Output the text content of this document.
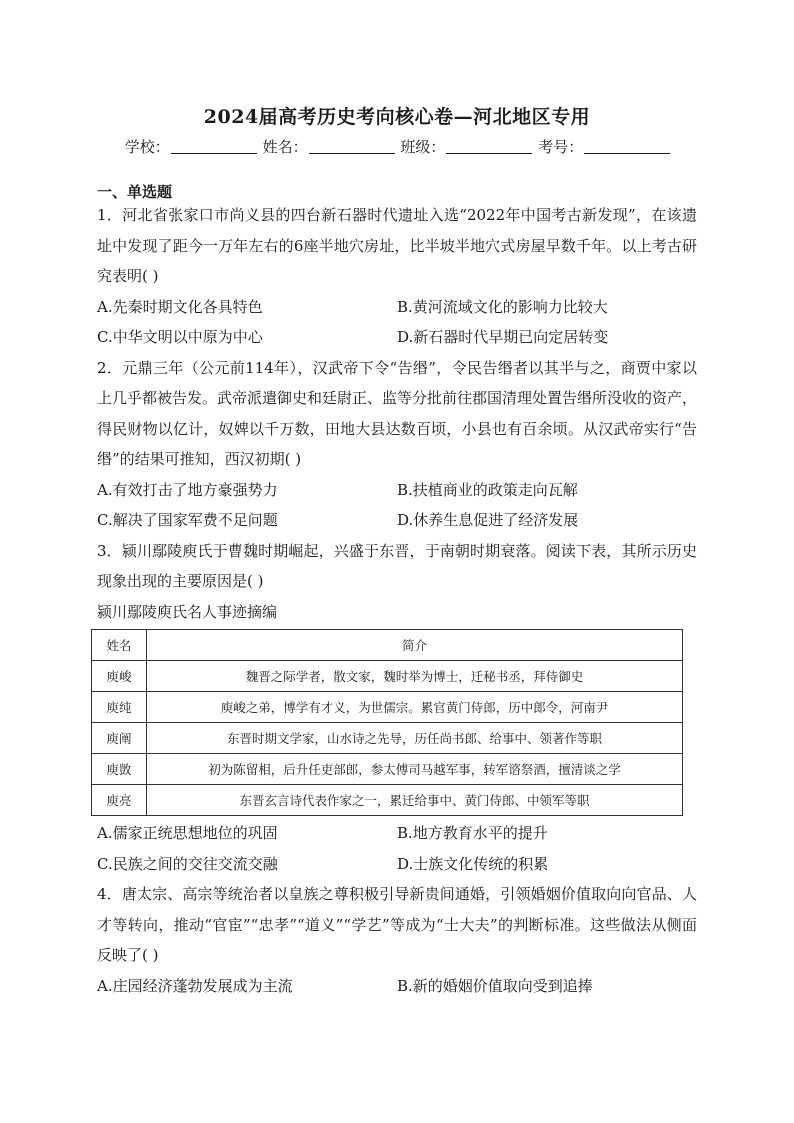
2024届高考历史考向核心卷—河北地区专用
学校：	姓名：	班级：	考号：
一、单选题

1．河北省张家口市尚义县的四台新石器时代遗址入选“2022年中国考古新发现”，在该遗址中发现了距今一万年左右的6座半地穴房址，比半坡半地穴式房屋早数千年。以上考古研究表明( )

A.先秦时期文化各具特色	B.黄河流域文化的影响力比较大
C.中华文明以中原为中心	D.新石器时代早期已向定居转变

2．元鼎三年（公元前114年），汉武帝下令“告缗”，令民告缗者以其半与之，商贾中家以上几乎都被告发。武帝派遣御史和廷尉正、监等分批前往郡国清理处置告缗所没收的资产，得民财物以亿计，奴婢以千万数，田地大县达数百顷，小县也有百余顷。从汉武帝实行“告缗”的结果可推知，西汉初期( )

A.有效打击了地方豪强势力	B.扶植商业的政策走向瓦解
C.解决了国家军费不足问题	D.休养生息促进了经济发展

3．颍川鄢陵庾氏于曹魏时期崛起，兴盛于东晋，于南朝时期衰落。阅读下表，其所示历史现象出现的主要原因是( )

颍川鄢陵庾氏名人事迹摘编

姓名	简介
庾峻	魏晋之际学者，散文家，魏时举为博士，迁秘书丞，拜侍御史
庾纯	庾峻之弟，博学有才义，为世儒宗。累官黄门侍郎，历中郎令，河南尹
庾阐	东晋时期文学家，山水诗之先导，历任尚书郎、给事中、领著作等职
庾敳	初为陈留相，后升任吏部郎，参太傅司马越军事，转军谘祭酒，擅清谈之学
庾亮	东晋玄言诗代表作家之一，累迁给事中、黄门侍郎、中领军等职
A.儒家正统思想地位的巩固	B.地方教育水平的提升
C.民族之间的交往交流交融	D.士族文化传统的积累

4．唐太宗、高宗等统治者以皇族之尊积极引导新贵间通婚，引领婚姻价值取向向官品、人才等转向，推动“官宦”“忠孝”“道义”“学艺”等成为“士大夫”的判断标准。这些做法从侧面反映了( )

A.庄园经济蓬勃发展成为主流	B.新的婚姻价值取向受到追捧
